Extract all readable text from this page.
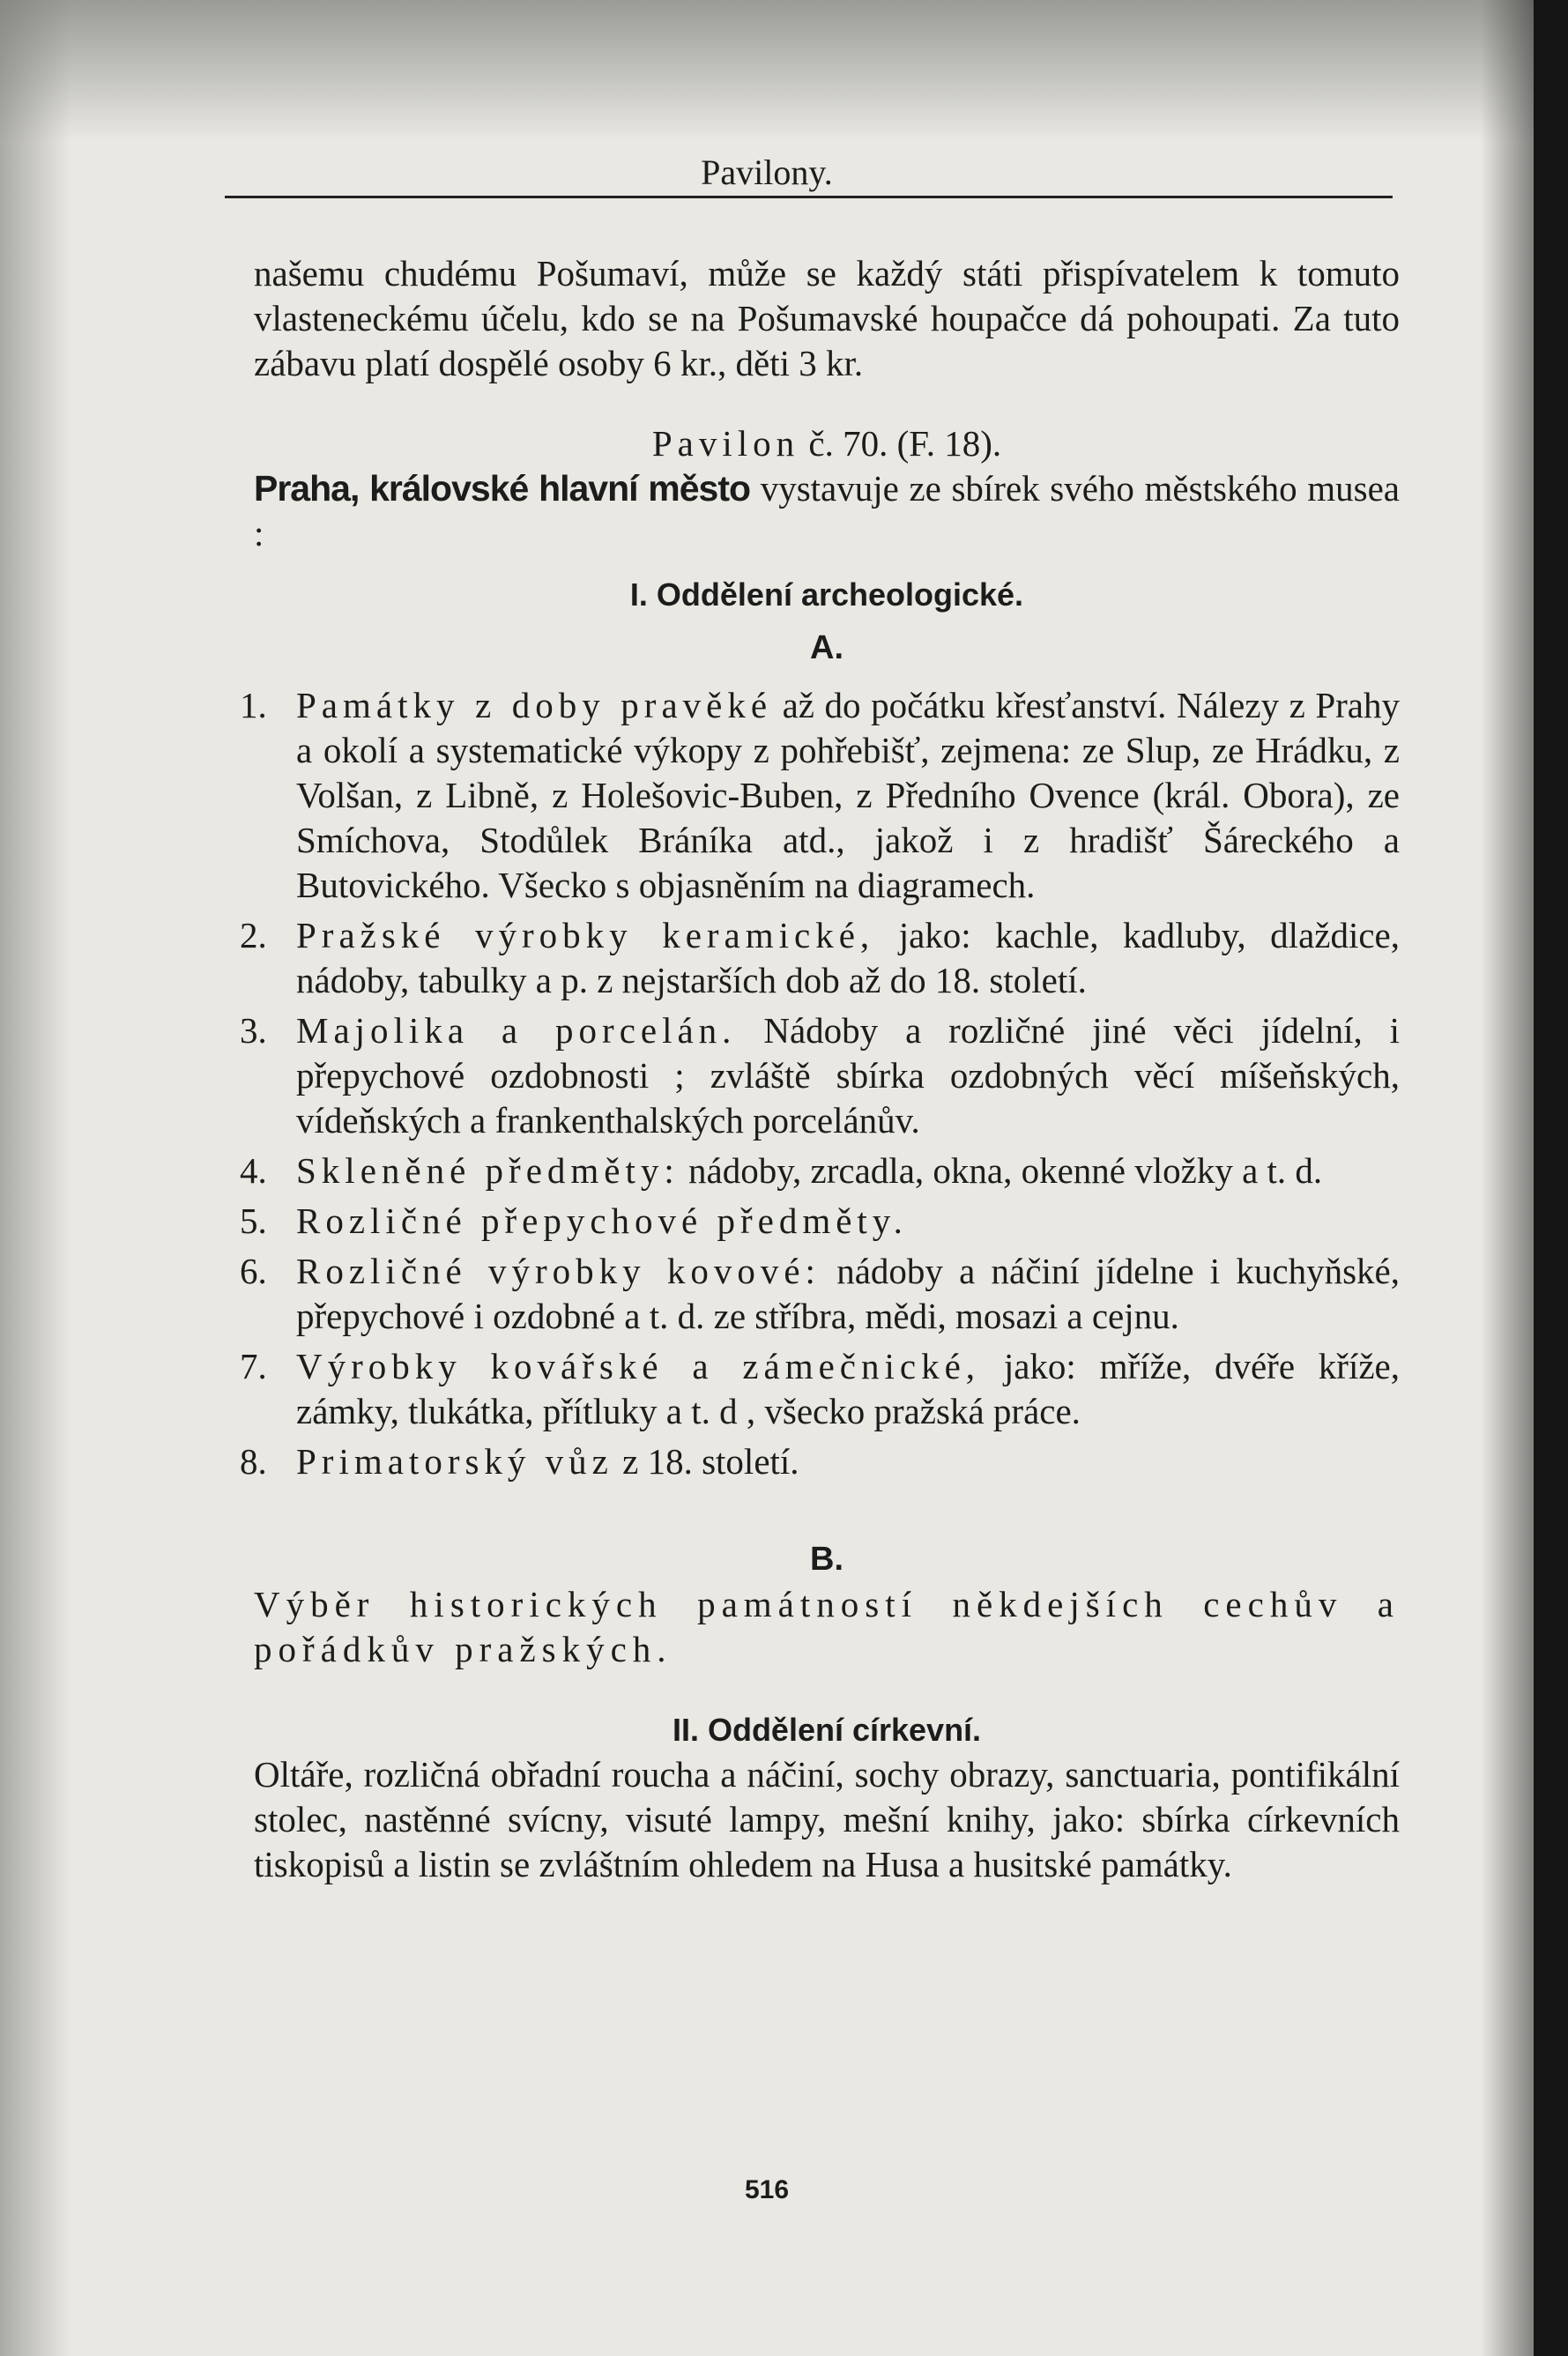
Pavilony.

našemu chudému Pošumaví, může se každý státi přispívatelem k tomuto vlasteneckému účelu, kdo se na Pošumavské houpačce dá pohoupati. Za tuto zábavu platí dospělé osoby 6 kr., děti 3 kr.

Pavilon č. 70. (F. 18).

Praha, královské hlavní město vystavuje ze sbírek svého městského musea :

I. Oddělení archeologické.
A.
1. Památky z doby pravěké až do počátku křesťanství. Nálezy z Prahy a okolí a systematické výkopy z pohřebišť, zejmena: ze Slup, ze Hrádku, z Volšan, z Libně, z Holešovic-Buben, z Předního Ovence (král. Obora), ze Smíchova, Stodůlek Bráníka atd., jakož i z hradišť Šáreckého a Butovického. Všecko s objasněním na diagramech.
2. Pražské výrobky keramické, jako: kachle, kadluby, dlaždice, nádoby, tabulky a p. z nejstarších dob až do 18. století.
3. Majolika a porcelán. Nádoby a rozličné jiné věci jídelní, i přepychové ozdobnosti ; zvláště sbírka ozdobných věcí míšeňských, vídeňských a frankenthalských porcelánův.
4. Skleněné předměty: nádoby, zrcadla, okna, okenné vložky a t. d.
5. Rozličné přepychové předměty.
6. Rozličné výrobky kovové: nádoby a náčiní jídelne i kuchyňské, přepychové i ozdobné a t. d. ze stříbra, mědi, mosazi a cejnu.
7. Výrobky kovářské a zámečnické, jako: mříže, dvéře kříže, zámky, tlukátka, přítluky a t. d , všecko pražská práce.
8. Primatorský vůz z 18. století.
B.

Výběr historických památností někdejších cechův a pořádkův pražských.

II. Oddělení církevní.

Oltáře, rozličná obřadní roucha a náčiní, sochy obrazy, sanctuaria, pontifikální stolec, nastěnné svícny, visuté lampy, mešní knihy, jako: sbírka církevních tiskopisů a listin se zvláštním ohledem na Husa a husitské památky.

516
